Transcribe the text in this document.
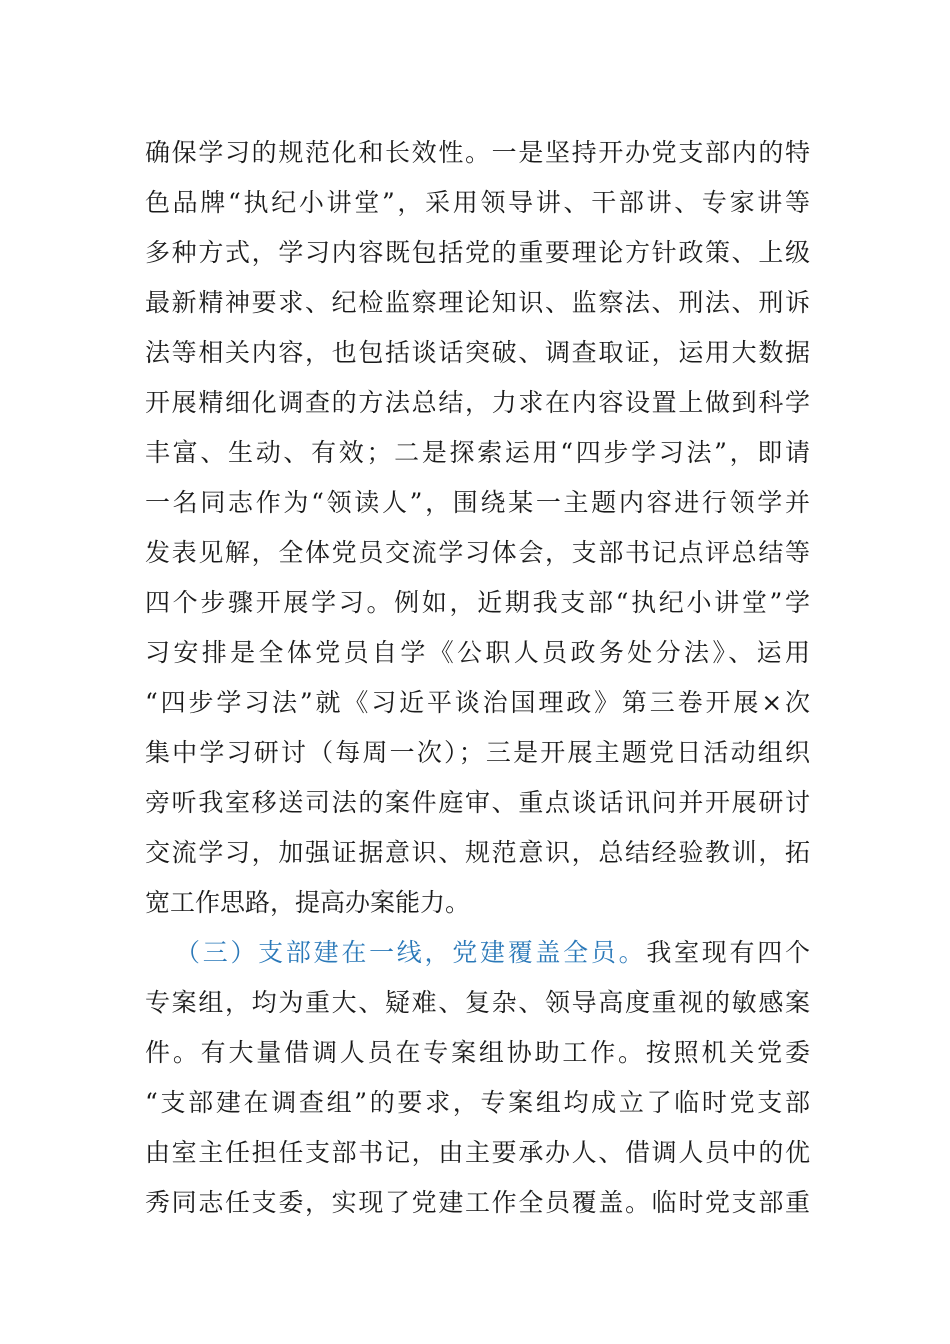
确保学习的规范化和长效性。一是坚持开办党支部内的特
色品牌“执纪小讲堂”，采用领导讲、干部讲、专家讲等
多种方式，学习内容既包括党的重要理论方针政策、上级
最新精神要求、纪检监察理论知识、监察法、刑法、刑诉
法等相关内容，也包括谈话突破、调查取证，运用大数据
开展精细化调查的方法总结，力求在内容设置上做到科学
丰富、生动、有效；二是探索运用“四步学习法”，即请
一名同志作为“领读人”，围绕某一主题内容进行领学并
发表见解，全体党员交流学习体会，支部书记点评总结等
四个步骤开展学习。例如，近期我支部“执纪小讲堂”学
习安排是全体党员自学《公职人员政务处分法》、运用
“四步学习法”就《习近平谈治国理政》第三卷开展×次
集中学习研讨（每周一次）；三是开展主题党日活动组织
旁听我室移送司法的案件庭审、重点谈话讯问并开展研讨
交流学习，加强证据意识、规范意识，总结经验教训，拓
宽工作思路，提高办案能力。
（三）支部建在一线，党建覆盖全员。我室现有四个
专案组，均为重大、疑难、复杂、领导高度重视的敏感案
件。有大量借调人员在专案组协助工作。按照机关党委
“支部建在调查组”的要求，专案组均成立了临时党支部
由室主任担任支部书记，由主要承办人、借调人员中的优
秀同志任支委，实现了党建工作全员覆盖。临时党支部重
